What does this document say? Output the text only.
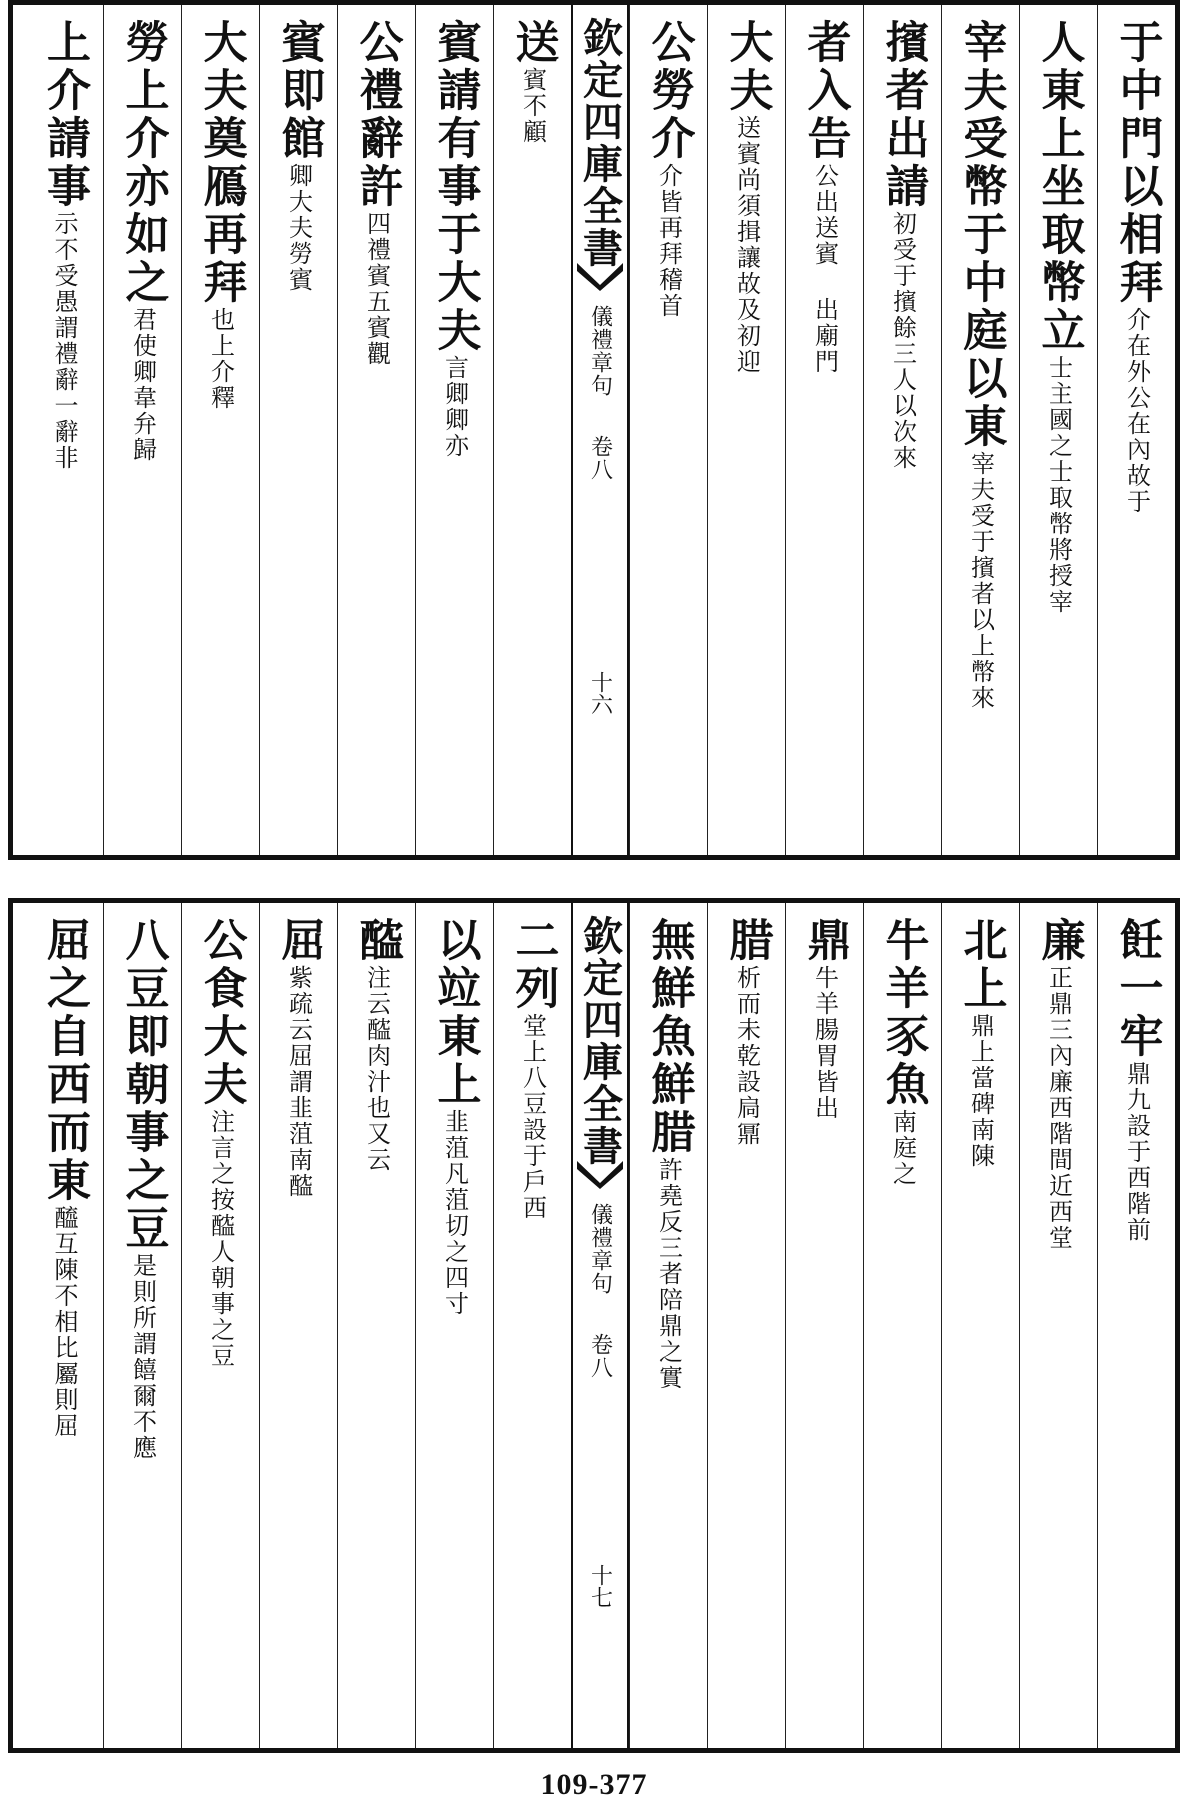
于中門以相拜
介在外公在內故于
人東上坐取幣立
士主國之士取幣將授宰
宰夫受幣于中庭以東
宰夫受于擯者以上幣來
擯者出請
初受于擯餘三人以次來
者入告
公出送賓 出廟門
大夫
送賓尚須揖讓故及初迎
公勞介
介皆再拜稽首
欽定四庫全書
儀禮章句
卷八
十六
送
賓不顧
賓請有事于大夫
言卿卿亦
公禮辭許
四禮賓五賓觀
賓即館
卿大夫勞賓
大夫奠鴈再拜
也上介釋
勞上介亦如之
君使卿韋弁歸
上介請事
示不受愚謂禮辭一辭非
飪一牢
鼎九設于西階前
廉
正鼎三內廉西階間近西堂
北上
鼎上當碑南陳
牛羊豕魚
南庭之
鼎
牛羊腸胃皆出
腊
析而未乾設扃鼏
無鮮魚鮮腊
許堯反三者陪鼎之實
欽定四庫全書
儀禮章句
卷八
十七
二列
堂上八豆設于戶西
以竝東上
韭菹凡菹切之四寸
醓
注云醓肉汁也又云
屈
紫疏云屈謂韭菹南醓
公食大夫
注言之按醓人朝事之豆
八豆即朝事之豆
是則所謂饎爾不應
屈之自西而東
醯互陳不相比屬則屈
109-377
